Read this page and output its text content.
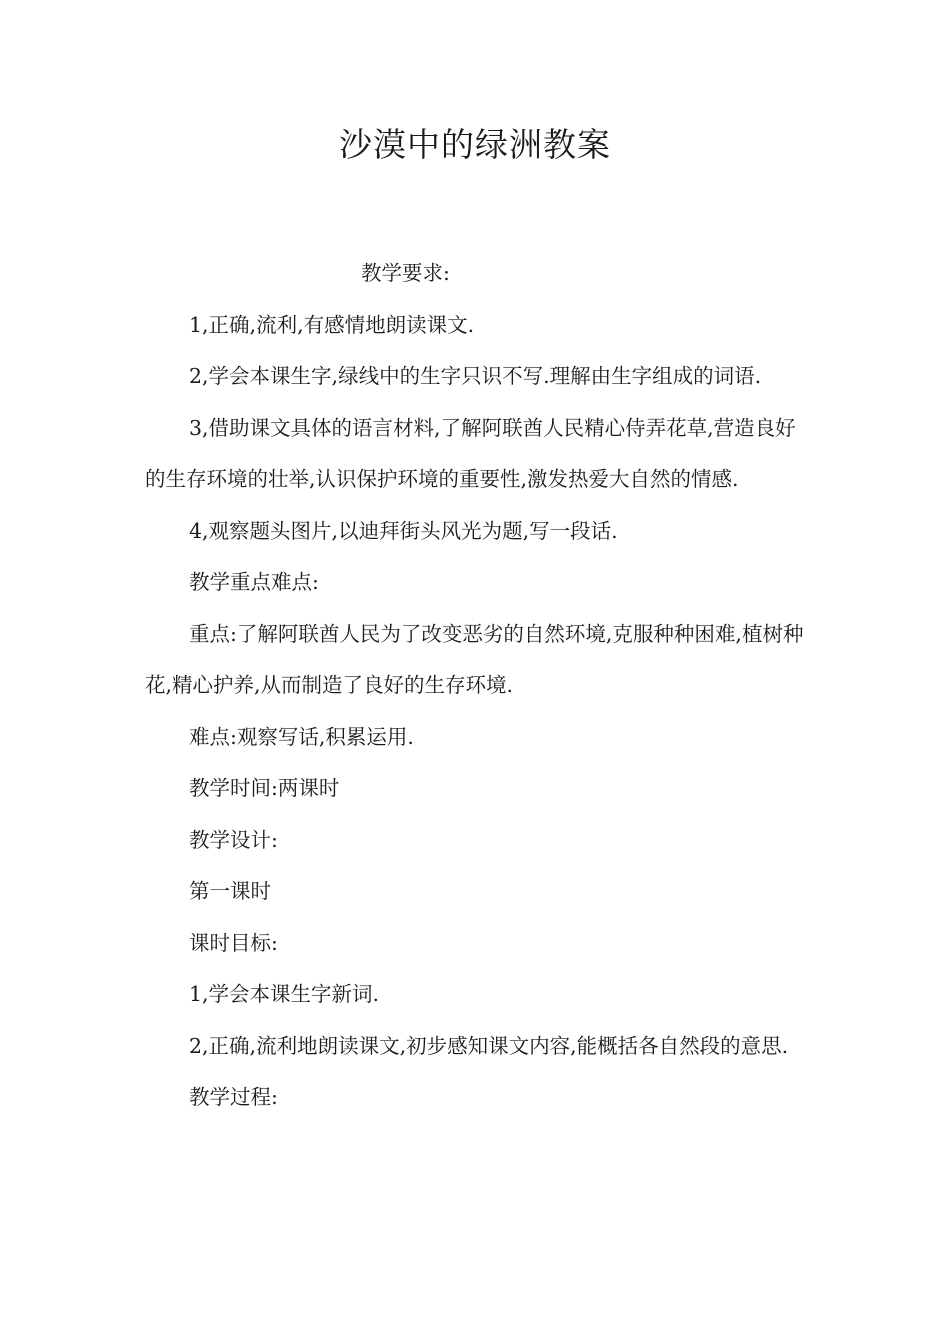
沙漠中的绿洲教案

教学要求:

1,正确,流利,有感情地朗读课文.

2,学会本课生字,绿线中的生字只识不写.理解由生字组成的词语.

3,借助课文具体的语言材料,了解阿联酋人民精心侍弄花草,营造良好的生存环境的壮举,认识保护环境的重要性,激发热爱大自然的情感.

4,观察题头图片,以迪拜街头风光为题,写一段话.

教学重点难点:

重点:了解阿联酋人民为了改变恶劣的自然环境,克服种种困难,植树种花,精心护养,从而制造了良好的生存环境.

难点:观察写话,积累运用.

教学时间:两课时

教学设计:

第一课时

课时目标:

1,学会本课生字新词.

2,正确,流利地朗读课文,初步感知课文内容,能概括各自然段的意思.

教学过程:
